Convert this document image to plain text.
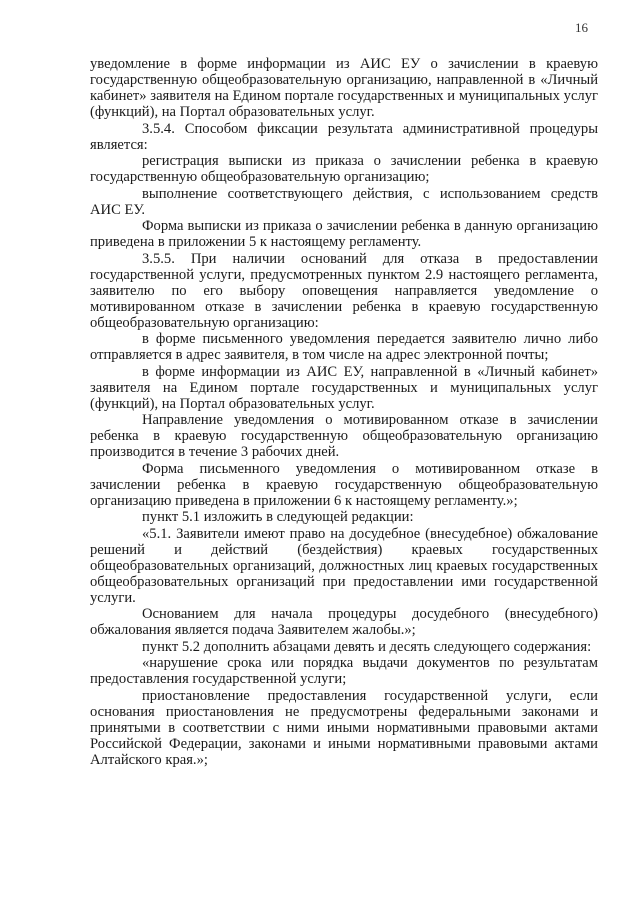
16

уведомление в форме информации из АИС ЕУ о зачислении в краевую государственную общеобразовательную организацию, направленной в «Личный кабинет» заявителя на Едином портале государственных и муниципальных услуг (функций), на Портал образовательных услуг.

3.5.4. Способом фиксации результата административной процедуры является:

регистрация выписки из приказа о зачислении ребенка в краевую государственную общеобразовательную организацию;

выполнение соответствующего действия, с использованием средств АИС ЕУ.

Форма выписки из приказа о зачислении ребенка в данную организацию приведена в приложении 5 к настоящему регламенту.

3.5.5. При наличии оснований для отказа в предоставлении государственной услуги, предусмотренных пунктом 2.9 настоящего регламента, заявителю по его выбору оповещения направляется уведомление о мотивированном отказе в зачислении ребенка в краевую государственную общеобразовательную организацию:

в форме письменного уведомления передается заявителю лично либо отправляется в адрес заявителя, в том числе на адрес электронной почты;

в форме информации из АИС ЕУ, направленной в «Личный кабинет» заявителя на Едином портале государственных и муниципальных услуг (функций), на Портал образовательных услуг.

Направление уведомления о мотивированном отказе в зачислении ребенка в краевую государственную общеобразовательную организацию производится в течение 3 рабочих дней.

Форма письменного уведомления о мотивированном отказе в зачислении ребенка в краевую государственную общеобразовательную организацию приведена в приложении 6 к настоящему регламенту.»;

пункт 5.1 изложить в следующей редакции:

«5.1. Заявители имеют право на досудебное (внесудебное) обжалование решений и действий (бездействия) краевых государственных общеобразовательных организаций, должностных лиц краевых государственных общеобразовательных организаций при предоставлении ими государственной услуги.

Основанием для начала процедуры досудебного (внесудебного) обжалования является подача Заявителем жалобы.»;

пункт 5.2 дополнить абзацами девять и десять следующего содержания:

«нарушение срока или порядка выдачи документов по результатам предоставления государственной услуги;

приостановление предоставления государственной услуги, если основания приостановления не предусмотрены федеральными законами и принятыми в соответствии с ними иными нормативными правовыми актами Российской Федерации, законами и иными нормативными правовыми актами Алтайского края.»;
